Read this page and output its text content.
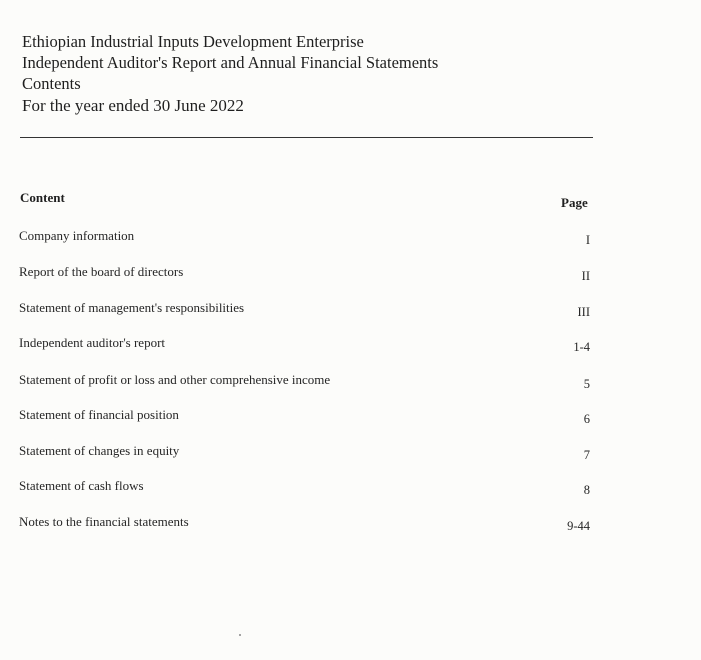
Ethiopian Industrial Inputs Development Enterprise
Independent Auditor's Report and Annual Financial Statements
Contents
For the year ended 30 June 2022
Content	Page
Company information	I
Report of the board of directors	II
Statement of management's responsibilities	III
Independent auditor's report	1-4
Statement of profit or loss and other comprehensive income	5
Statement of financial position	6
Statement of changes in equity	7
Statement of cash flows	8
Notes to the financial statements	9-44
